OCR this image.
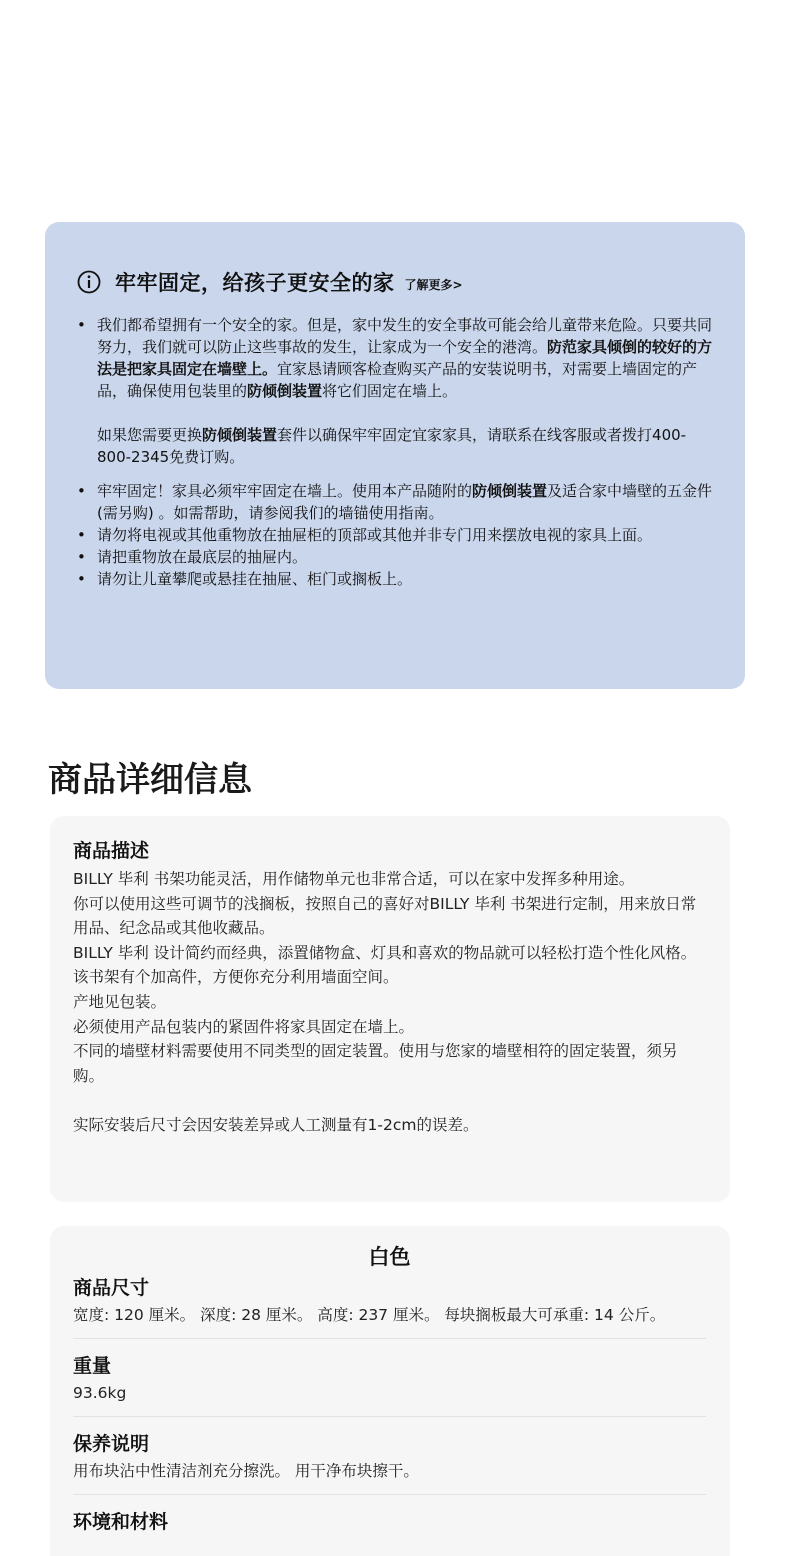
牢牢固定，给孩子更安全的家 了解更多>

• 我们都希望拥有一个安全的家。但是，家中发生的安全事故可能会给儿童带来危险。只要共同努力，我们就可以防止这些事故的发生，让家成为一个安全的港湾。防范家具倾倒的较好的方法是把家具固定在墙壁上。宜家恳请顾客检查购买产品的安装说明书，对需要上墙固定的产品，确保使用包装里的防倾倒装置将它们固定在墙上。

如果您需要更换防倾倒装置套件以确保牢牢固定宜家家具，请联系在线客服或者拨打400-800-2345免费订购。

• 牢牢固定！家具必须牢牢固定在墙上。使用本产品随附的防倾倒装置及适合家中墙壁的五金件 (需另购) 。如需帮助，请参阅我们的墙锚使用指南。
• 请勿将电视或其他重物放在抽屉柜的顶部或其他并非专门用来摆放电视的家具上面。
• 请把重物放在最底层的抽屉内。
• 请勿让儿童攀爬或悬挂在抽屉、柜门或搁板上。
商品详细信息
商品描述
BILLY 毕利 书架功能灵活，用作储物单元也非常合适，可以在家中发挥多种用途。
你可以使用这些可调节的浅搁板，按照自己的喜好对BILLY 毕利 书架进行定制，用来放日常用品、纪念品或其他收藏品。
BILLY 毕利 设计简约而经典，添置储物盒、灯具和喜欢的物品就可以轻松打造个性化风格。
该书架有个加高件，方便你充分利用墙面空间。
产地见包装。
必须使用产品包装内的紧固件将家具固定在墙上。
不同的墙壁材料需要使用不同类型的固定装置。使用与您家的墙壁相符的固定装置，须另购。
实际安装后尺寸会因安装差异或人工测量有1-2cm的误差。
白色
商品尺寸
宽度: 120 厘米。 深度: 28 厘米。 高度: 237 厘米。 每块搁板最大可承重: 14 公斤。
重量
93.6kg
保养说明
用布块沾中性清洁剂充分擦洗。 用干净布块擦干。
环境和材料
